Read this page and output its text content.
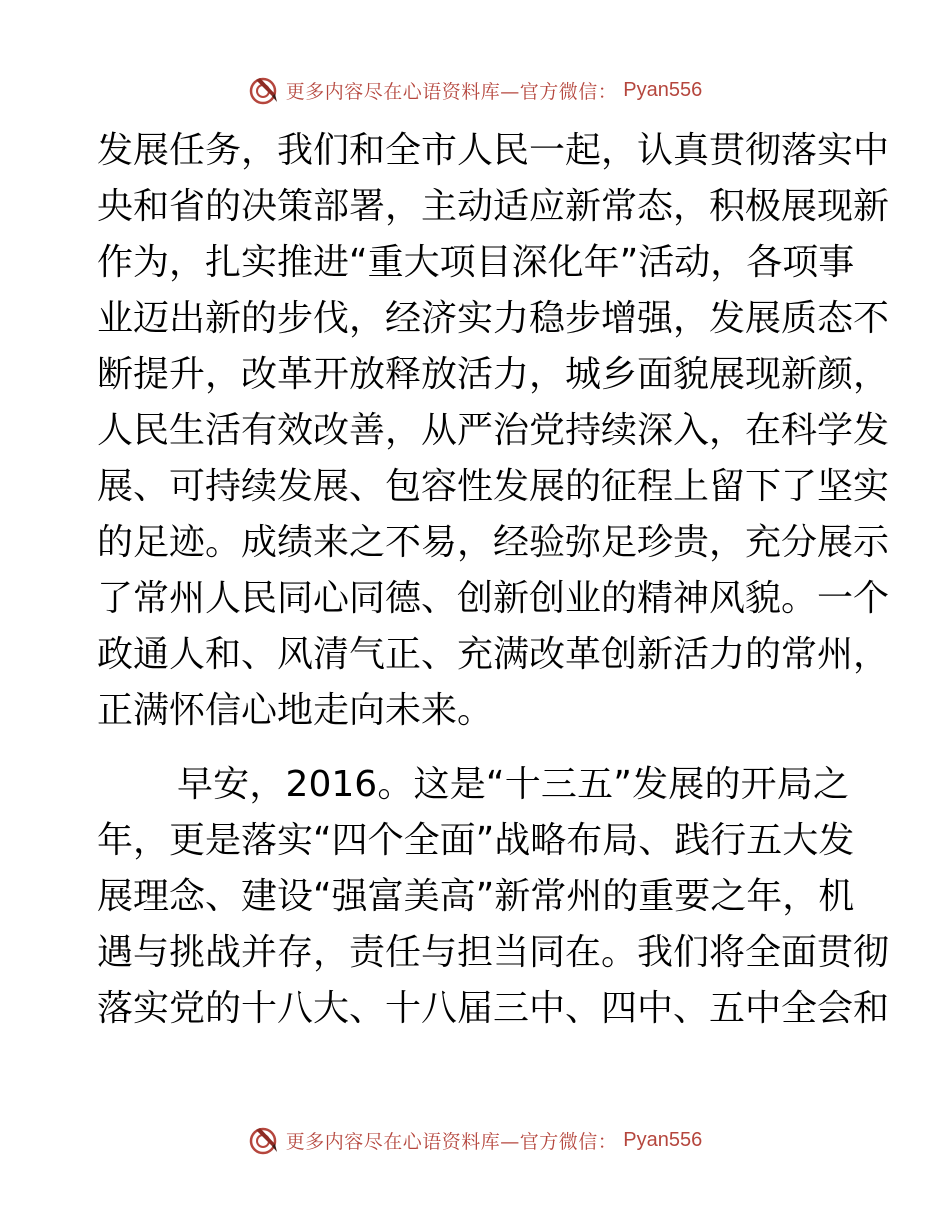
更多内容尽在心语资料库—官方微信： Pyan556
发展任务，我们和全市人民一起，认真贯彻落实中
央和省的决策部署，主动适应新常态，积极展现新
作为，扎实推进“重大项目深化年”活动，各项事
业迈出新的步伐，经济实力稳步增强，发展质态不
断提升，改革开放释放活力，城乡面貌展现新颜，
人民生活有效改善，从严治党持续深入，在科学发
展、可持续发展、包容性发展的征程上留下了坚实
的足迹。成绩来之不易，经验弥足珍贵，充分展示
了常州人民同心同德、创新创业的精神风貌。一个
政通人和、风清气正、充满改革创新活力的常州，
正满怀信心地走向未来。
早安，2016。这是“十三五”发展的开局之
年，更是落实“四个全面”战略布局、践行五大发
展理念、建设“强富美高”新常州的重要之年，机
遇与挑战并存，责任与担当同在。我们将全面贯彻
落实党的十八大、十八届三中、四中、五中全会和
更多内容尽在心语资料库—官方微信： Pyan556
